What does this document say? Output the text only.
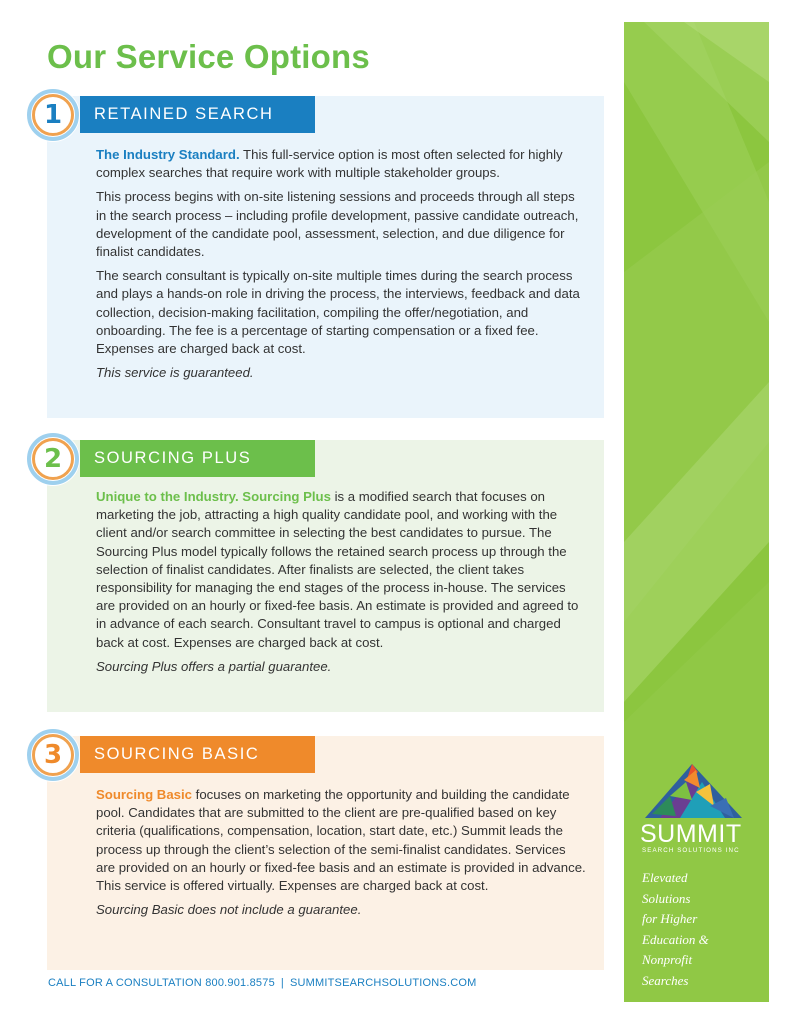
Our Service Options
1	RETAINED SEARCH

The Industry Standard. This full-service option is most often selected for highly complex searches that require work with multiple stakeholder groups.

This process begins with on-site listening sessions and proceeds through all steps in the search process – including profile development, passive candidate outreach, development of the candidate pool, assessment, selection, and due diligence for finalist candidates.

The search consultant is typically on-site multiple times during the search process and plays a hands-on role in driving the process, the interviews, feedback and data collection, decision-making facilitation, compiling the offer/negotiation, and onboarding. The fee is a percentage of starting compensation or a fixed fee. Expenses are charged back at cost.

This service is guaranteed.

2	SOURCING PLUS

Unique to the Industry. Sourcing Plus is a modified search that focuses on marketing the job, attracting a high quality candidate pool, and working with the client and/or search committee in selecting the best candidates to pursue. The Sourcing Plus model typically follows the retained search process up through the selection of finalist candidates. After finalists are selected, the client takes responsibility for managing the end stages of the process in-house. The services are provided on an hourly or fixed-fee basis. An estimate is provided and agreed to in advance of each search. Consultant travel to campus is optional and charged back at cost. Expenses are charged back at cost.

Sourcing Plus offers a partial guarantee.

3	SOURCING BASIC

Sourcing Basic focuses on marketing the opportunity and building the candidate pool. Candidates that are submitted to the client are pre-qualified based on key criteria (qualifications, compensation, location, start date, etc.) Summit leads the process up through the client’s selection of the semi-finalist candidates. Services are provided on an hourly or fixed-fee basis and an estimate is provided in advance. This service is offered virtually. Expenses are charged back at cost.

Sourcing Basic does not include a guarantee.

CALL FOR A CONSULTATION 800.901.8575 | SUMMITSEARCHSOLUTIONS.COM
SUMMIT
SEARCH SOLUTIONS INC
Elevated
Solutions
for Higher
Education &
Nonprofit
Searches
